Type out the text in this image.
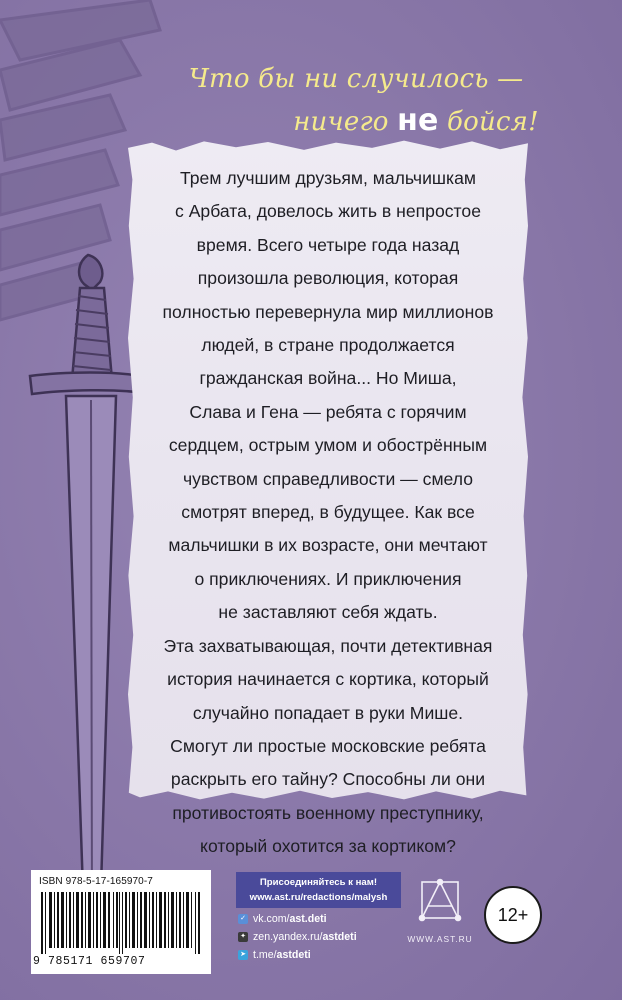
Что бы ни случилось —
ничего не бойся!
Трем лучшим друзьям, мальчишкам
с Арбата, довелось жить в непростое
время. Всего четыре года назад
произошла революция, которая
полностью перевернула мир миллионов
людей, в стране продолжается
гражданская война... Но Миша,
Слава и Гена — ребята с горячим
сердцем, острым умом и обострённым
чувством справедливости — смело
смотрят вперед, в будущее. Как все
мальчишки в их возрасте, они мечтают
о приключениях. И приключения
не заставляют себя ждать.
Эта захватывающая, почти детективная
история начинается с кортика, который
случайно попадает в руки Мише.
Смогут ли простые московские ребята
раскрыть его тайну? Способны ли они
противостоять военному преступнику,
который охотится за кортиком?
ISBN 978-5-17-165970-7
9 785171 659707
Присоединяйтесь к нам!
www.ast.ru/redactions/malysh
✓ vk.com/ ast.deti
✦ zen.yandex.ru/ astdeti
➤ t.me/ astdeti
WWW.AST.RU
12+
